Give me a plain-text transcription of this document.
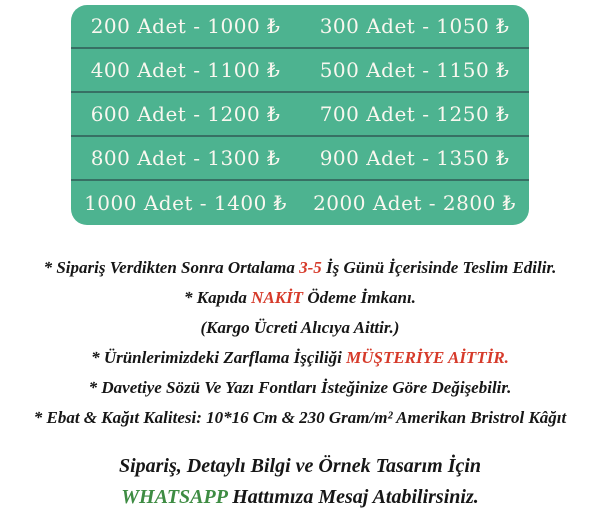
200 Adet - 1000 ₺	300 Adet - 1050 ₺
400 Adet - 1100 ₺	500 Adet - 1150 ₺
600 Adet - 1200 ₺	700 Adet - 1250 ₺
800 Adet - 1300 ₺	900 Adet - 1350 ₺
1000 Adet - 1400 ₺	2000 Adet - 2800 ₺

* Sipariş Verdikten Sonra Ortalama 3-5 İş Günü İçerisinde Teslim Edilir.

* Kapıda NAKİT Ödeme İmkanı.

(Kargo Ücreti Alıcıya Aittir.)

* Ürünlerimizdeki Zarflama İşçiliği MÜŞTERİYE AİTTİR.

* Davetiye Sözü Ve Yazı Fontları İsteğinize Göre Değişebilir.

* Ebat & Kağıt Kalitesi: 10*16 Cm & 230 Gram/m² Amerikan Bristrol Kâğıt

Sipariş, Detaylı Bilgi ve Örnek Tasarım İçin

WHATSAPP Hattımıza Mesaj Atabilirsiniz.
